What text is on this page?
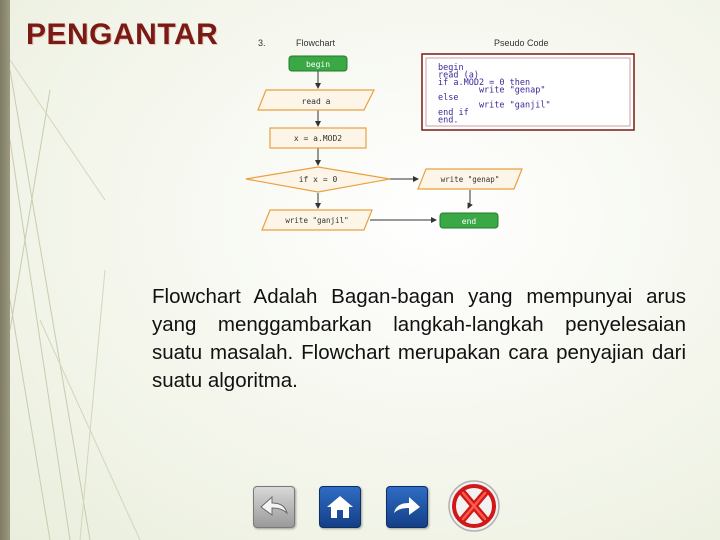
PENGANTAR	3.	Flowchart	Pseudo Code
begin
read a
x = a.MOD2
if x = 0	write "genap"
write "ganjil"	end
begin
read (a)
if a.MOD2 = 0 then
write "genap"
else
write "ganjil"
end if
end.
Flowchart Adalah Bagan-bagan yang mempunyai arus yang menggambarkan langkah-langkah penyelesaian suatu masalah. Flowchart merupakan cara penyajian dari suatu algoritma.
